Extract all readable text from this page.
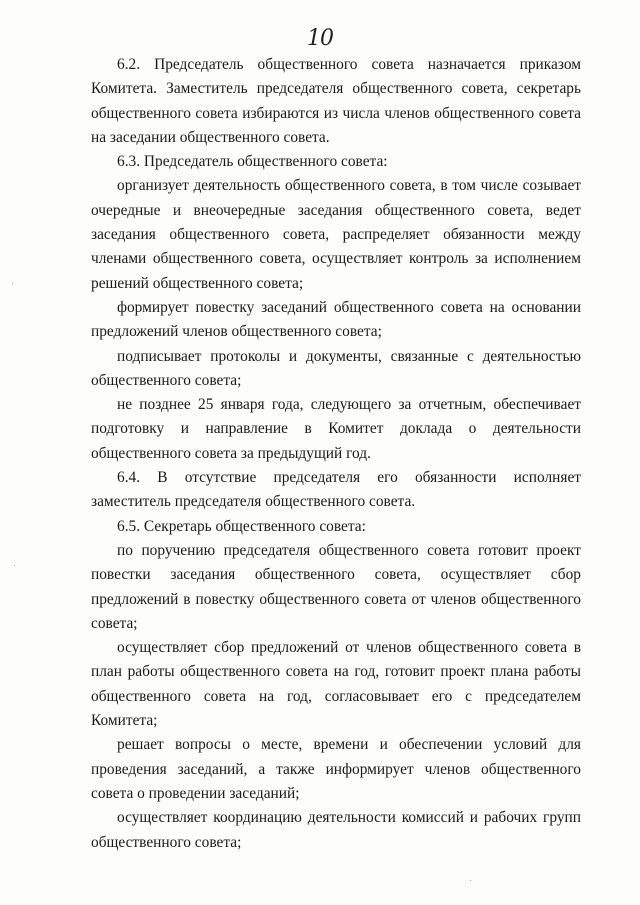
10

6.2. Председатель общественного совета назначается приказом Комитета. Заместитель председателя общественного совета, секретарь общественного совета избираются из числа членов общественного совета на заседании общественного совета.

6.3. Председатель общественного совета:

организует деятельность общественного совета, в том числе созывает очередные и внеочередные заседания общественного совета, ведет заседания общественного совета, распределяет обязанности между членами общественного совета, осуществляет контроль за исполнением решений общественного совета;

формирует повестку заседаний общественного совета на основании предложений членов общественного совета;

подписывает протоколы и документы, связанные с деятельностью общественного совета;

не позднее 25 января года, следующего за отчетным, обеспечивает подготовку и направление в Комитет доклада о деятельности общественного совета за предыдущий год.

6.4. В отсутствие председателя его обязанности исполняет заместитель председателя общественного совета.

6.5. Секретарь общественного совета:

по поручению председателя общественного совета готовит проект повестки заседания общественного совета, осуществляет сбор предложений в повестку общественного совета от членов общественного совета;

осуществляет сбор предложений от членов общественного совета в план работы общественного совета на год, готовит проект плана работы общественного совета на год, согласовывает его с председателем Комитета;

решает вопросы о месте, времени и обеспечении условий для проведения заседаний, а также информирует членов общественного совета о проведении заседаний;

осуществляет координацию деятельности комиссий и рабочих групп общественного совета;
